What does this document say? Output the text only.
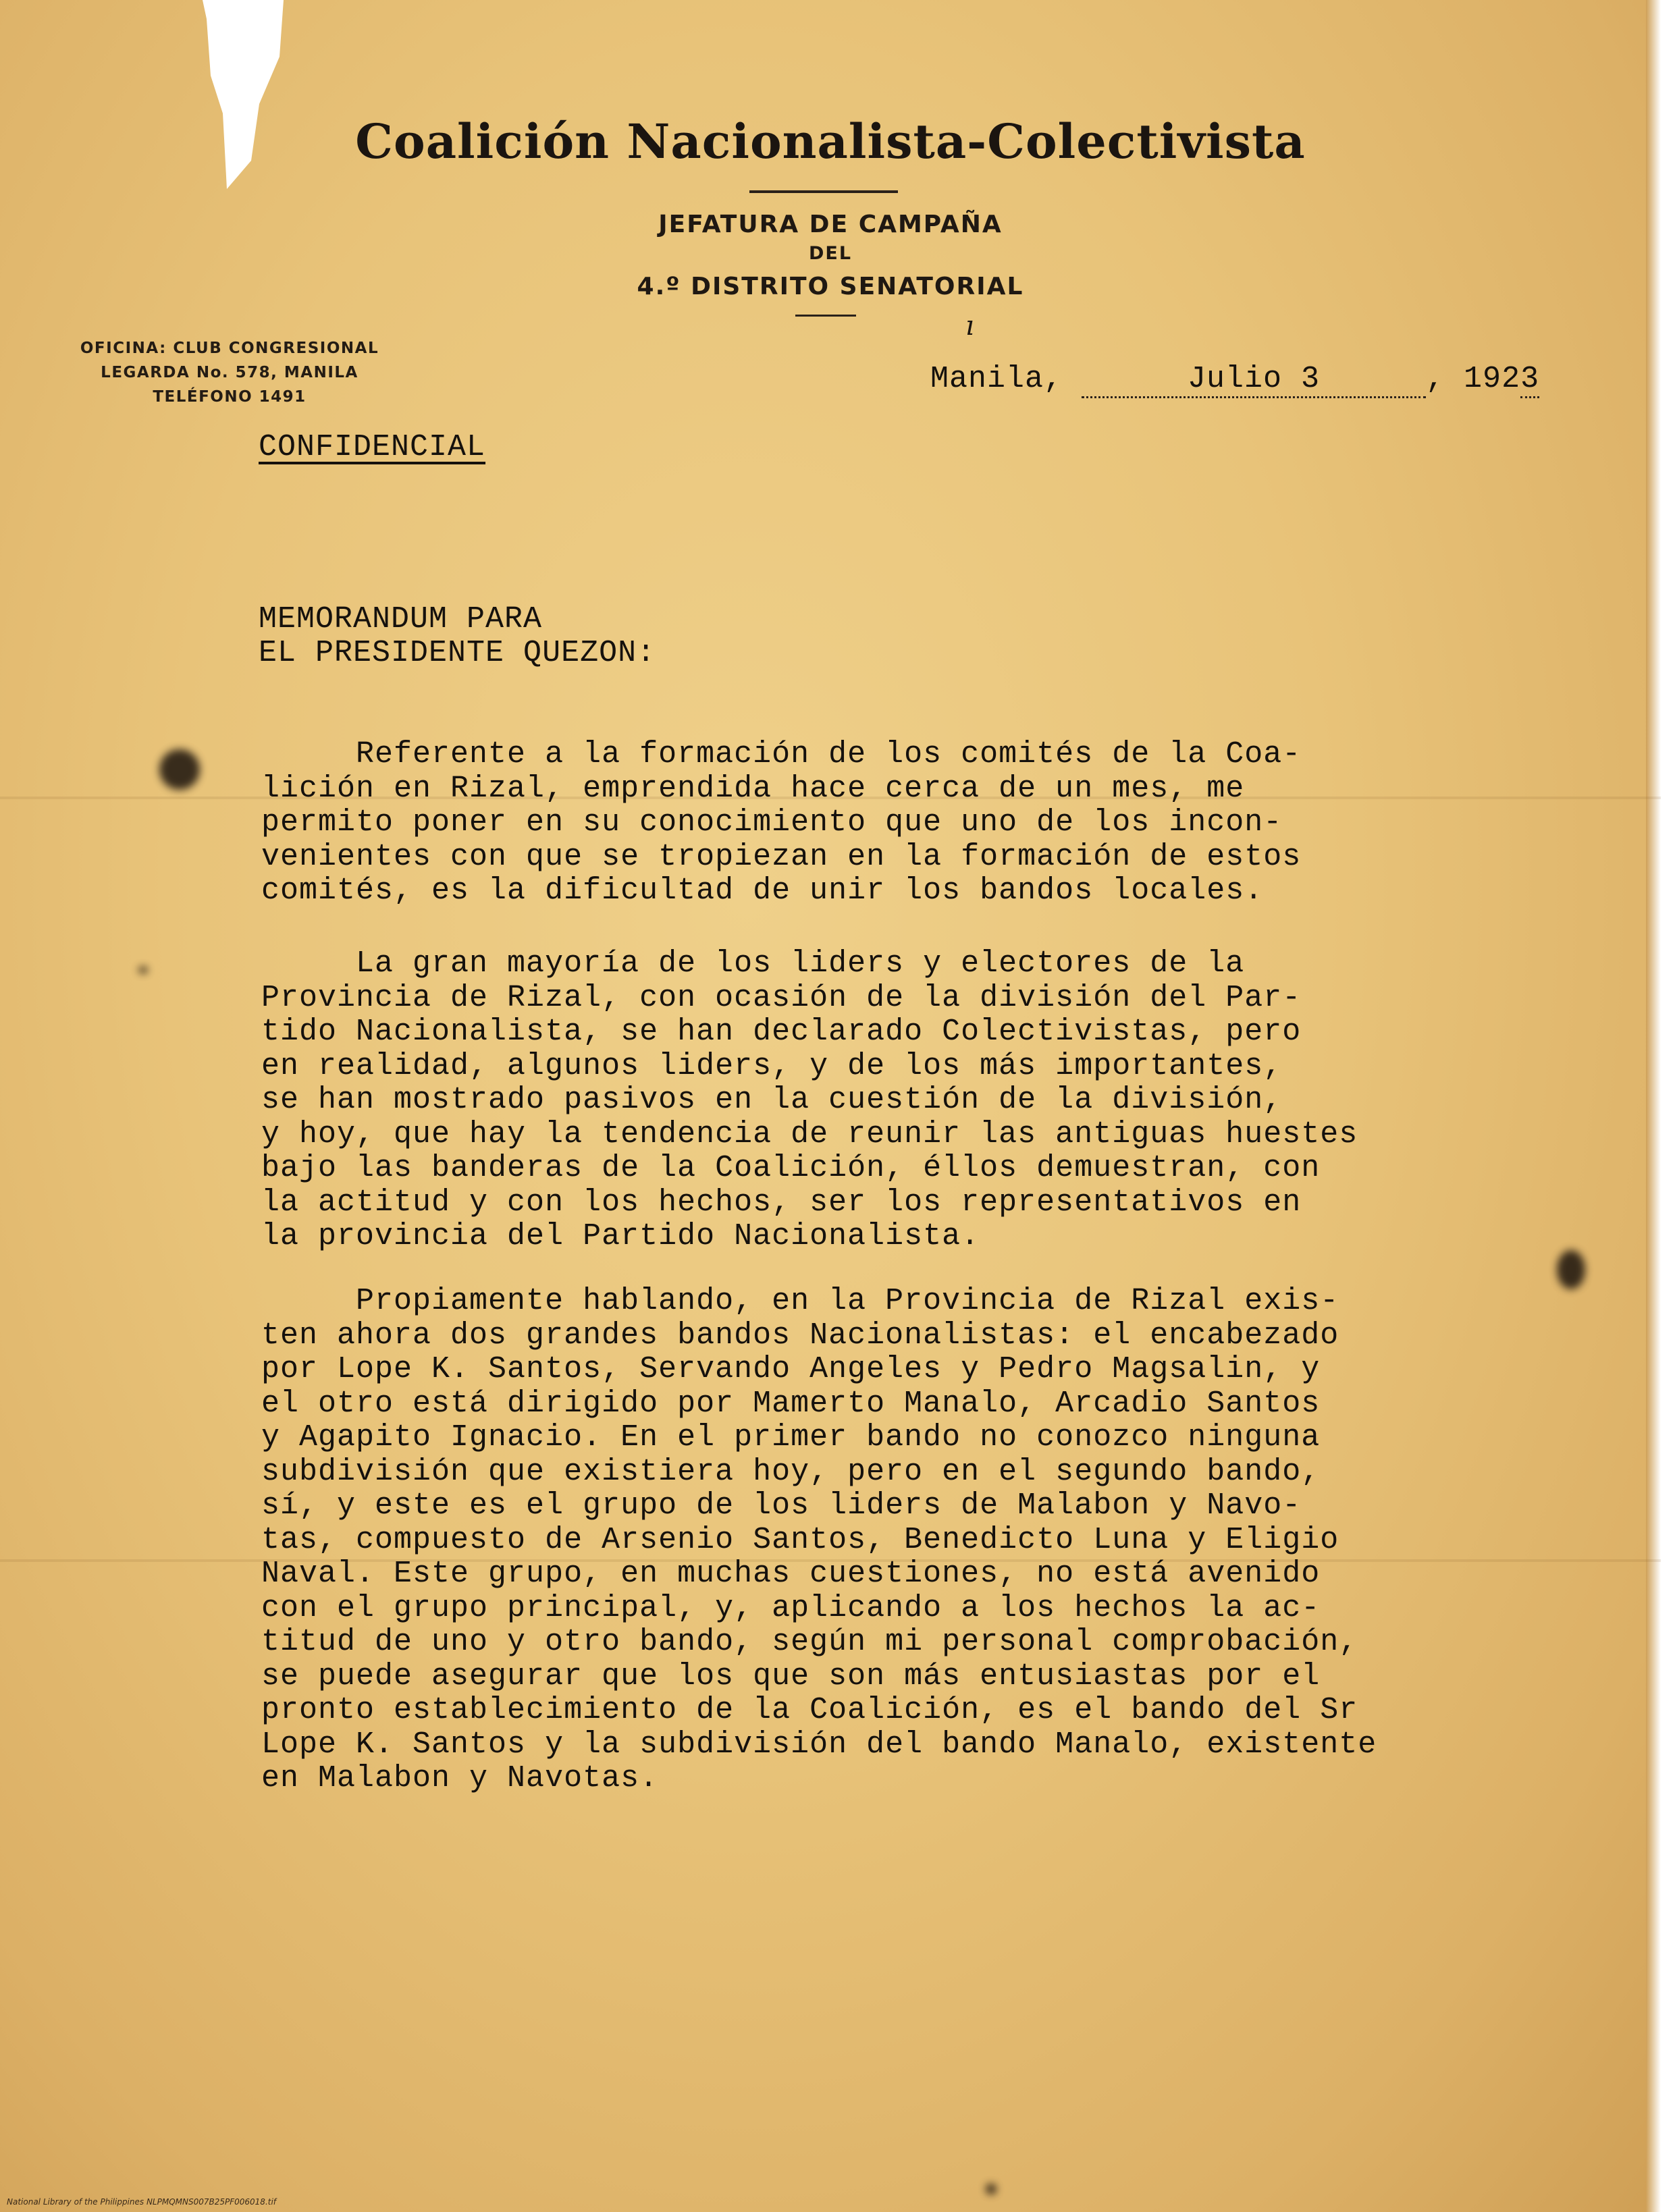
Coalición Nacionalista-Colectivista
JEFATURA DE CAMPAÑA
DEL
4.º DISTRITO SENATORIAL
OFICINA: CLUB CONGRESIONAL
LEGARDA No. 578, MANILA
TELÉFONO 1491
Manila,	Julio 3	, 1923
CONFIDENCIAL
MEMORANDUM PARA
EL PRESIDENTE QUEZON:
Referente a la formación de los comités de la Coa-
lición en Rizal, emprendida hace cerca de un mes, me
permito poner en su conocimiento que uno de los incon-
venientes con que se tropiezan en la formación de estos
comités, es la dificultad de unir los bandos locales.
La gran mayoría de los liders y electores de la
Provincia de Rizal, con ocasión de la división del Par-
tido Nacionalista, se han declarado Colectivistas, pero
en realidad, algunos liders, y de los más importantes,
se han mostrado pasivos en la cuestión de la división,
y hoy, que hay la tendencia de reunir las antiguas huestes
bajo las banderas de la Coalición, éllos demuestran, con
la actitud y con los hechos, ser los representativos en
la provincia del Partido Nacionalista.
Propiamente hablando, en la Provincia de Rizal exis-
ten ahora dos grandes bandos Nacionalistas: el encabezado
por Lope K. Santos, Servando Angeles y Pedro Magsalin, y
el otro está dirigido por Mamerto Manalo, Arcadio Santos
y Agapito Ignacio. En el primer bando no conozco ninguna
subdivisión que existiera hoy, pero en el segundo bando,
sí, y este es el grupo de los liders de Malabon y Navo-
tas, compuesto de Arsenio Santos, Benedicto Luna y Eligio
Naval. Este grupo, en muchas cuestiones, no está avenido
con el grupo principal, y, aplicando a los hechos la ac-
titud de uno y otro bando, según mi personal comprobación,
se puede asegurar que los que son más entusiastas por el
pronto establecimiento de la Coalición, es el bando del Sr
Lope K. Santos y la subdivisión del bando Manalo, existente
en Malabon y Navotas.
ı
National Library of the Philippines NLPMQMNS007B25PF006018.tif
